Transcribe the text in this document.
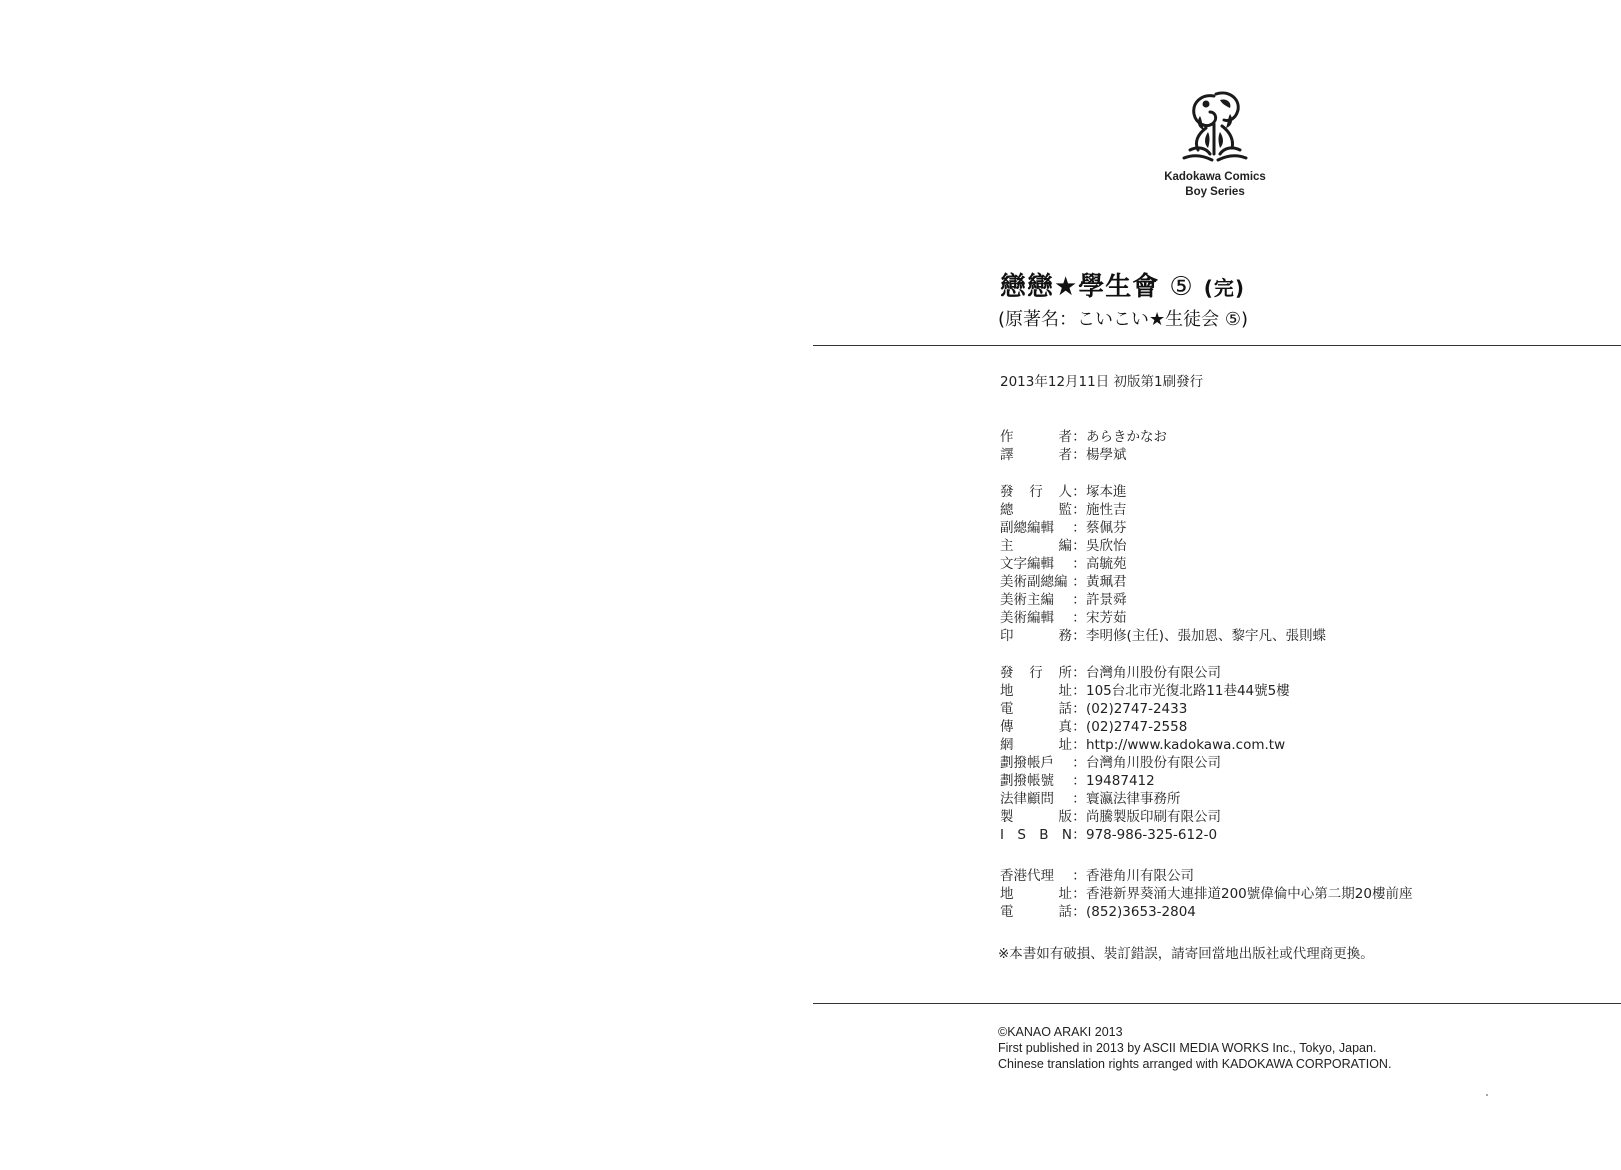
Kadokawa Comics
Boy Series
戀戀★學生會 ⑤ (完)
(原著名：こいこい★生徒会 ⑤)
2013年12月11日 初版第1刷發行
作	者 ： あらきかなお
譯	者 ： 楊學斌
發 行 人 ： 塚本進
總	監 ： 施性吉
副總編輯 ： 蔡佩芬
主	編 ： 吳欣怡
文字編輯 ： 高毓苑
美術副總編 ： 黃珮君
美術主編 ： 許景舜
美術編輯 ： 宋芳茹
印	務 ： 李明修(主任)、張加恩、黎宇凡、張則蝶
發 行 所 ： 台灣角川股份有限公司
地	址 ： 105台北市光復北路11巷44號5樓
電	話 ： (02)2747-2433
傳	真 ： (02)2747-2558
網	址 ： http://www.kadokawa.com.tw
劃撥帳戶 ： 台灣角川股份有限公司
劃撥帳號 ： 19487412
法律顧問 ： 寰瀛法律事務所
製	版 ： 尚騰製版印刷有限公司
I S B N ： 978-986-325-612-0
香港代理 ： 香港角川有限公司
地	址 ： 香港新界葵涌大連排道200號偉倫中心第二期20樓前座
電	話 ： (852)3653-2804
※本書如有破損、裝訂錯誤，請寄回當地出版社或代理商更換。
©KANAO ARAKI 2013
First published in 2013 by ASCII MEDIA WORKS Inc., Tokyo, Japan.
Chinese translation rights arranged with KADOKAWA CORPORATION.
